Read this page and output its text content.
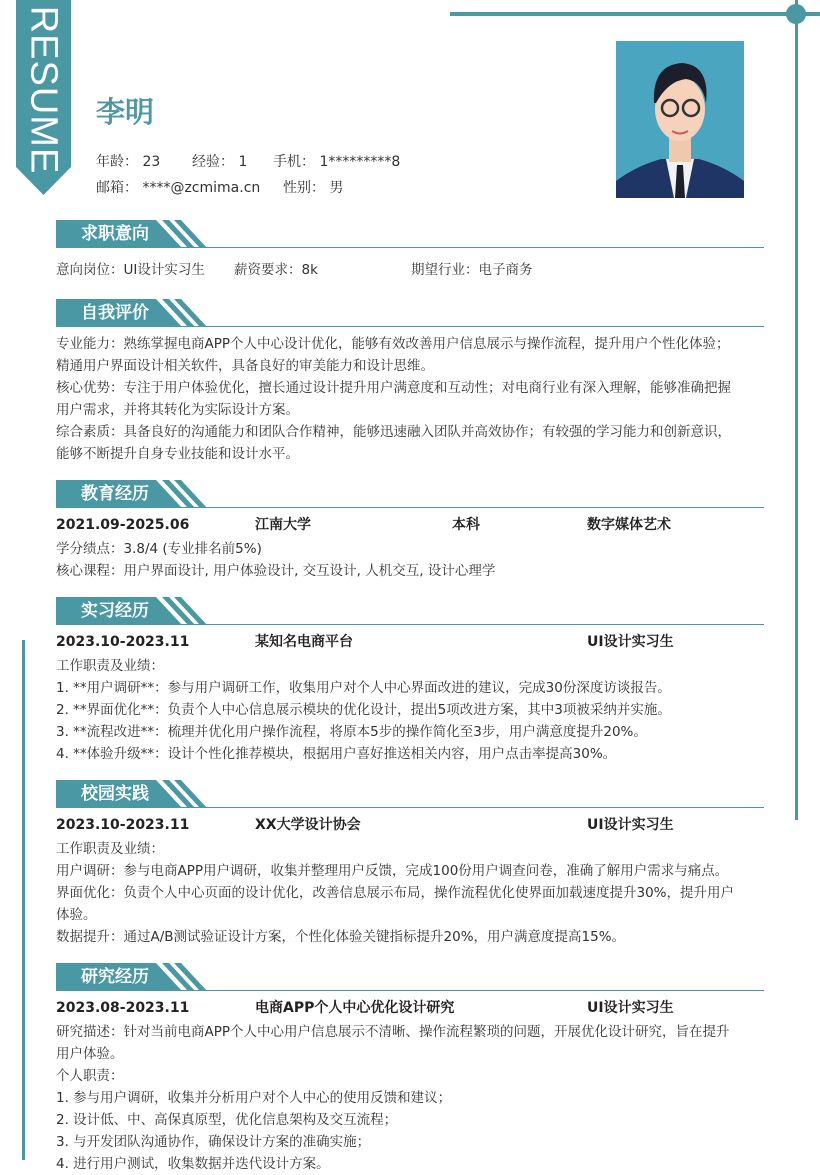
RESUME 李明
年龄： 23 经验： 1 手机： 1*********8
邮箱： ****@zcmima.cn 性别： 男
求职意向
意向岗位：UI设计实习生 薪资要求：8k	期望行业：电子商务
自我评价
专业能力：熟练掌握电商APP个人中心设计优化，能够有效改善用户信息展示与操作流程，提升用户个性化体验；
精通用户界面设计相关软件，具备良好的审美能力和设计思维。
核心优势：专注于用户体验优化，擅长通过设计提升用户满意度和互动性；对电商行业有深入理解，能够准确把握
用户需求，并将其转化为实际设计方案。
综合素质：具备良好的沟通能力和团队合作精神，能够迅速融入团队并高效协作；有较强的学习能力和创新意识，
能够不断提升自身专业技能和设计水平。
教育经历
2021.09-2025.06	江南大学	本科	数字媒体艺术
学分绩点：3.8/4 (专业排名前5%)
核心课程：用户界面设计, 用户体验设计, 交互设计, 人机交互, 设计心理学
实习经历
2023.10-2023.11	某知名电商平台	UI设计实习生
工作职责及业绩：
1. **用户调研**：参与用户调研工作，收集用户对个人中心界面改进的建议，完成30份深度访谈报告。
2. **界面优化**：负责个人中心信息展示模块的优化设计，提出5项改进方案，其中3项被采纳并实施。
3. **流程改进**：梳理并优化用户操作流程，将原本5步的操作简化至3步，用户满意度提升20%。
4. **体验升级**：设计个性化推荐模块，根据用户喜好推送相关内容，用户点击率提高30%。
校园实践
2023.10-2023.11	XX大学设计协会	UI设计实习生
工作职责及业绩：
用户调研：参与电商APP用户调研，收集并整理用户反馈，完成100份用户调查问卷，准确了解用户需求与痛点。
界面优化：负责个人中心页面的设计优化，改善信息展示布局，操作流程优化使界面加载速度提升30%，提升用户
体验。
数据提升：通过A/B测试验证设计方案，个性化体验关键指标提升20%，用户满意度提高15%。
研究经历
2023.08-2023.11	电商APP个人中心优化设计研究	UI设计实习生
研究描述：针对当前电商APP个人中心用户信息展示不清晰、操作流程繁琐的问题，开展优化设计研究，旨在提升
用户体验。
个人职责：
1. 参与用户调研，收集并分析用户对个人中心的使用反馈和建议；
2. 设计低、中、高保真原型，优化信息架构及交互流程；
3. 与开发团队沟通协作，确保设计方案的准确实施；
4. 进行用户测试，收集数据并迭代设计方案。
